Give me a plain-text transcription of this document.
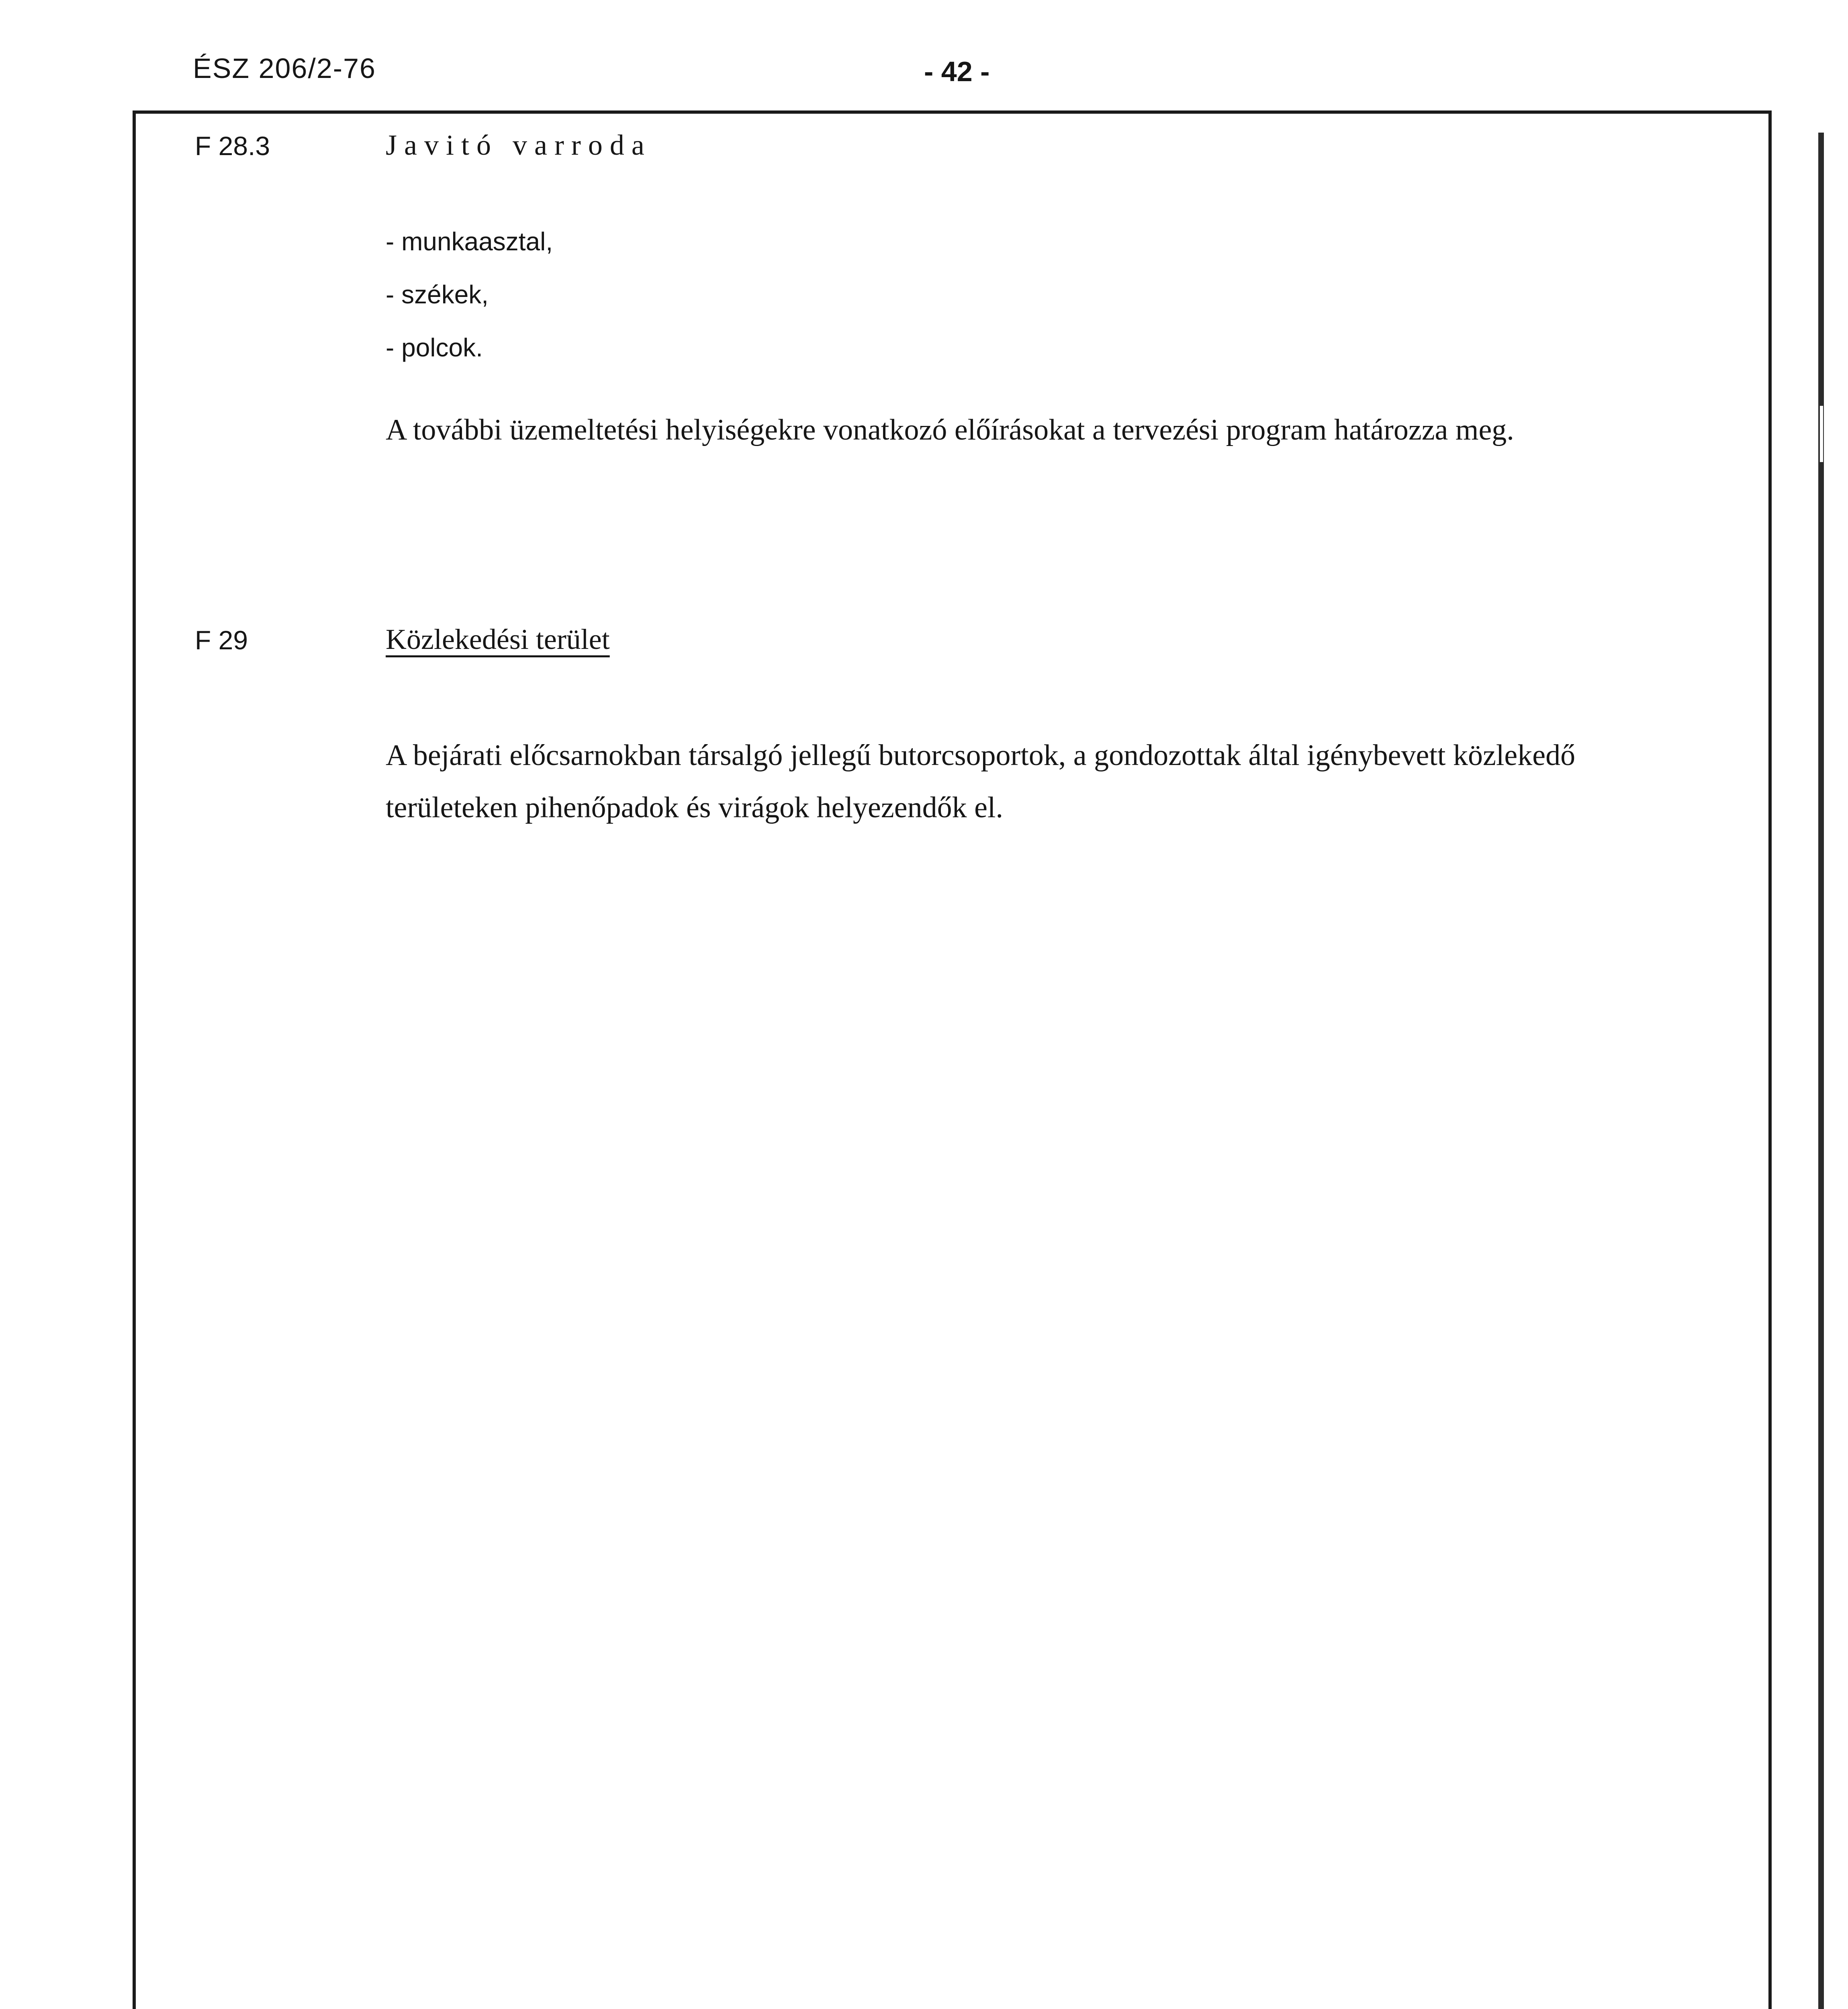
ÉSZ 206/2-76	- 42 -
F 28.3	Javitó varroda
- munkaasztal,
- székek,
- polcok.

A további üzemeltetési helyiségekre vonatkozó előírásokat a tervezési program határozza meg.

F 29	Közlekedési terület

A bejárati előcsarnokban társalgó jellegű butorcsoportok, a gondozottak által igénybevett közlekedő területeken pihenőpadok és virágok helyezendők el.
